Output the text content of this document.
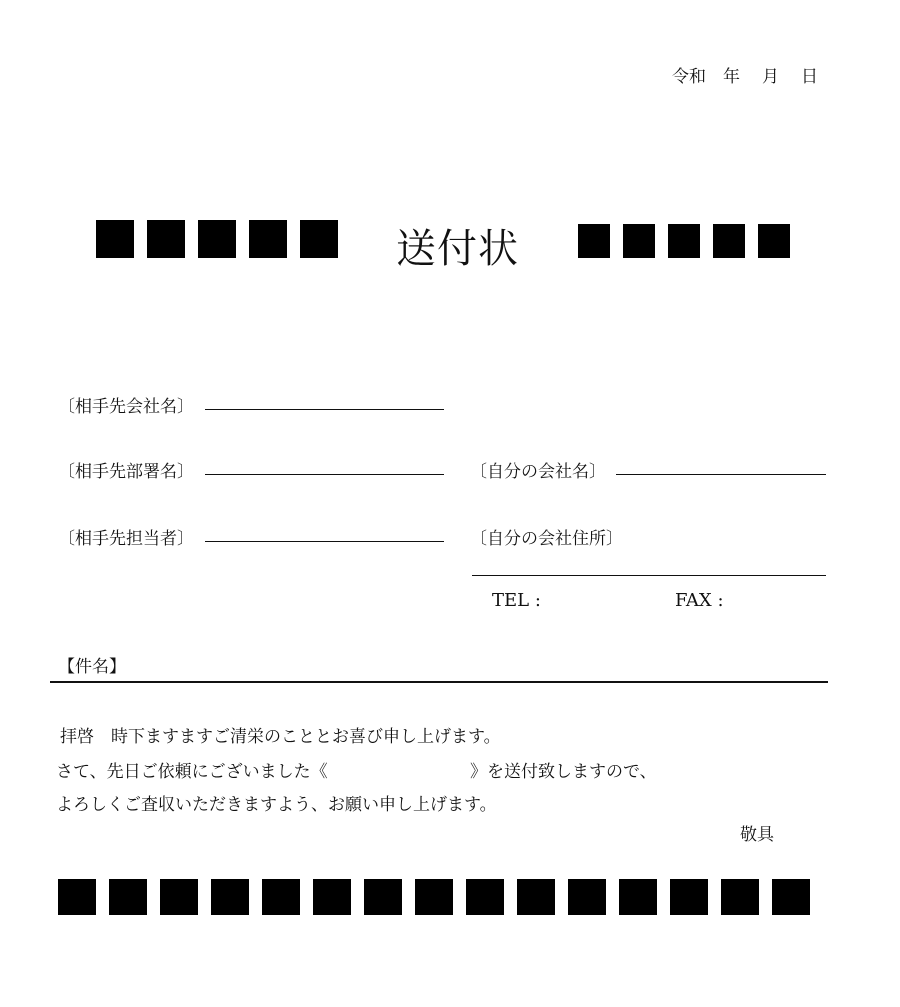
令和 年 月 日
送付状
〔相手先会社名〕
〔相手先部署名〕
〔相手先担当者〕
〔自分の会社名〕
〔自分の会社住所〕
TEL :	FAX :
【件名】
拝啓　時下ますますご清栄のこととお喜び申し上げます。
さて、先日ご依頼にございました《	》を送付致しますので、
よろしくご査収いただきますよう、お願い申し上げます。
敬具
